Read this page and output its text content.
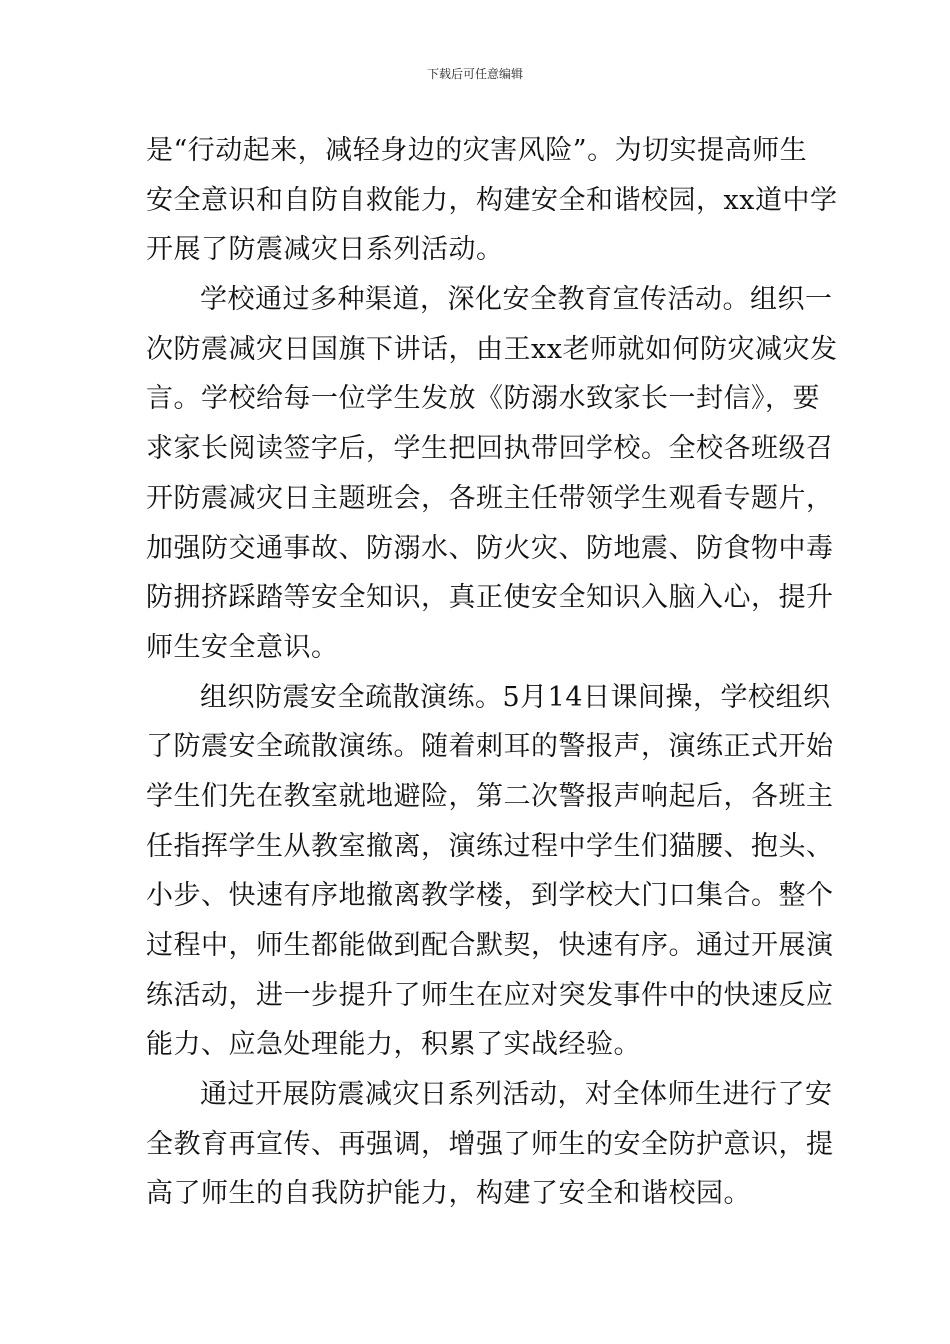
下载后可任意编辑
是“行动起来，减轻身边的灾害风险”。为切实提高师生
安全意识和自防自救能力，构建安全和谐校园，xx道中学
开展了防震减灾日系列活动。
学校通过多种渠道，深化安全教育宣传活动。组织一
次防震减灾日国旗下讲话，由王xx老师就如何防灾减灾发
言。学校给每一位学生发放《防溺水致家长一封信》，要
求家长阅读签字后，学生把回执带回学校。全校各班级召
开防震减灾日主题班会，各班主任带领学生观看专题片，
加强防交通事故、防溺水、防火灾、防地震、防食物中毒
防拥挤踩踏等安全知识，真正使安全知识入脑入心，提升
师生安全意识。
组织防震安全疏散演练。5月14日课间操，学校组织
了防震安全疏散演练。随着刺耳的警报声，演练正式开始
学生们先在教室就地避险，第二次警报声响起后，各班主
任指挥学生从教室撤离，演练过程中学生们猫腰、抱头、
小步、快速有序地撤离教学楼，到学校大门口集合。整个
过程中，师生都能做到配合默契，快速有序。通过开展演
练活动，进一步提升了师生在应对突发事件中的快速反应
能力、应急处理能力，积累了实战经验。
通过开展防震减灾日系列活动，对全体师生进行了安
全教育再宣传、再强调，增强了师生的安全防护意识，提
高了师生的自我防护能力，构建了安全和谐校园。
